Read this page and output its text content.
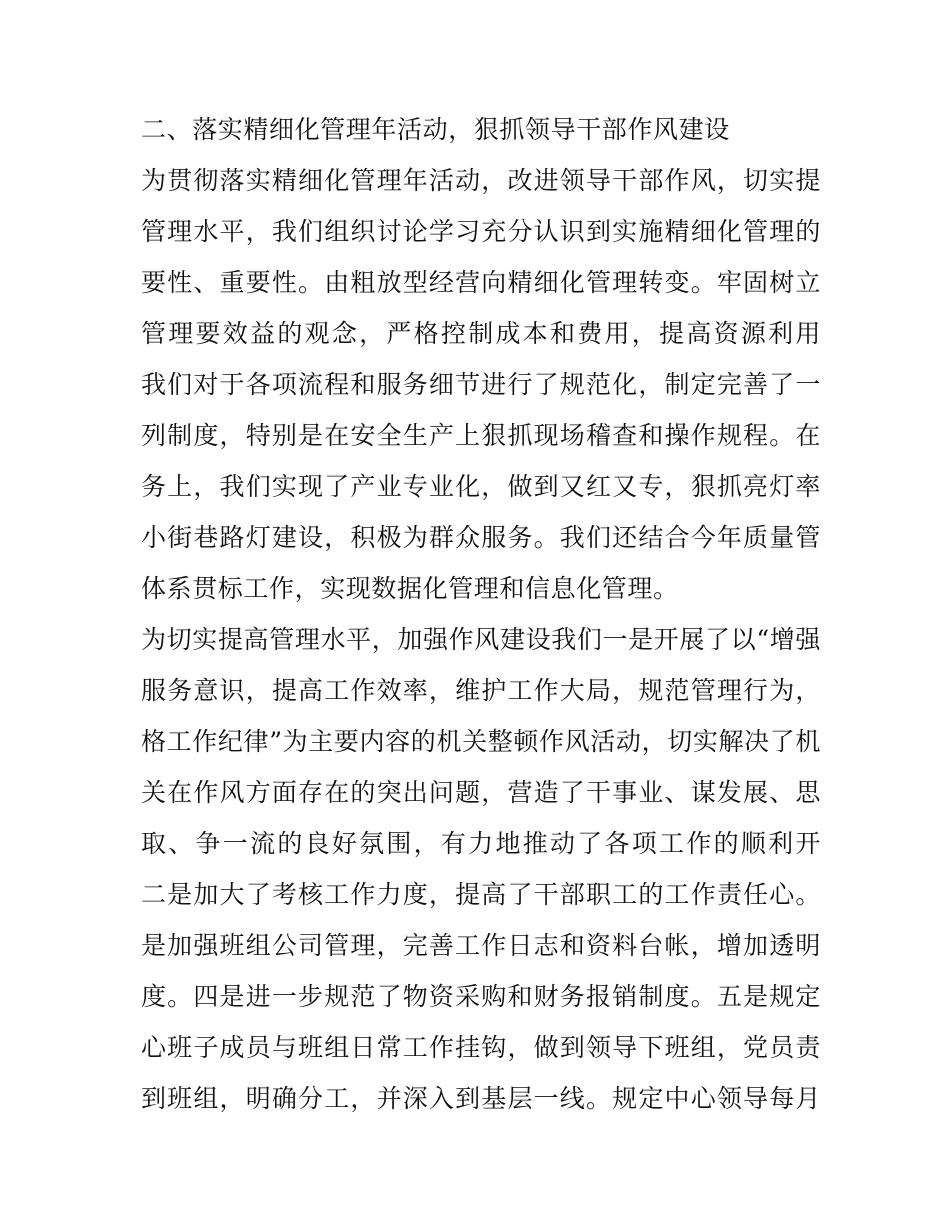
二、落实精细化管理年活动，狠抓领导干部作风建设
为贯彻落实精细化管理年活动，改进领导干部作风，切实提
管理水平，我们组织讨论学习充分认识到实施精细化管理的
要性、重要性。由粗放型经营向精细化管理转变。牢固树立
管理要效益的观念，严格控制成本和费用，提高资源利用
我们对于各项流程和服务细节进行了规范化，制定完善了一
列制度，特别是在安全生产上狠抓现场稽查和操作规程。在
务上，我们实现了产业专业化，做到又红又专，狠抓亮灯率
小街巷路灯建设，积极为群众服务。我们还结合今年质量管
体系贯标工作，实现数据化管理和信息化管理。
为切实提高管理水平，加强作风建设我们一是开展了以“增强
服务意识，提高工作效率，维护工作大局，规范管理行为，
格工作纪律”为主要内容的机关整顿作风活动，切实解决了机
关在作风方面存在的突出问题，营造了干事业、谋发展、思
取、争一流的良好氛围，有力地推动了各项工作的顺利开
二是加大了考核工作力度，提高了干部职工的工作责任心。
是加强班组公司管理，完善工作日志和资料台帐，增加透明
度。四是进一步规范了物资采购和财务报销制度。五是规定
心班子成员与班组日常工作挂钩，做到领导下班组，党员责
到班组，明确分工，并深入到基层一线。规定中心领导每月
